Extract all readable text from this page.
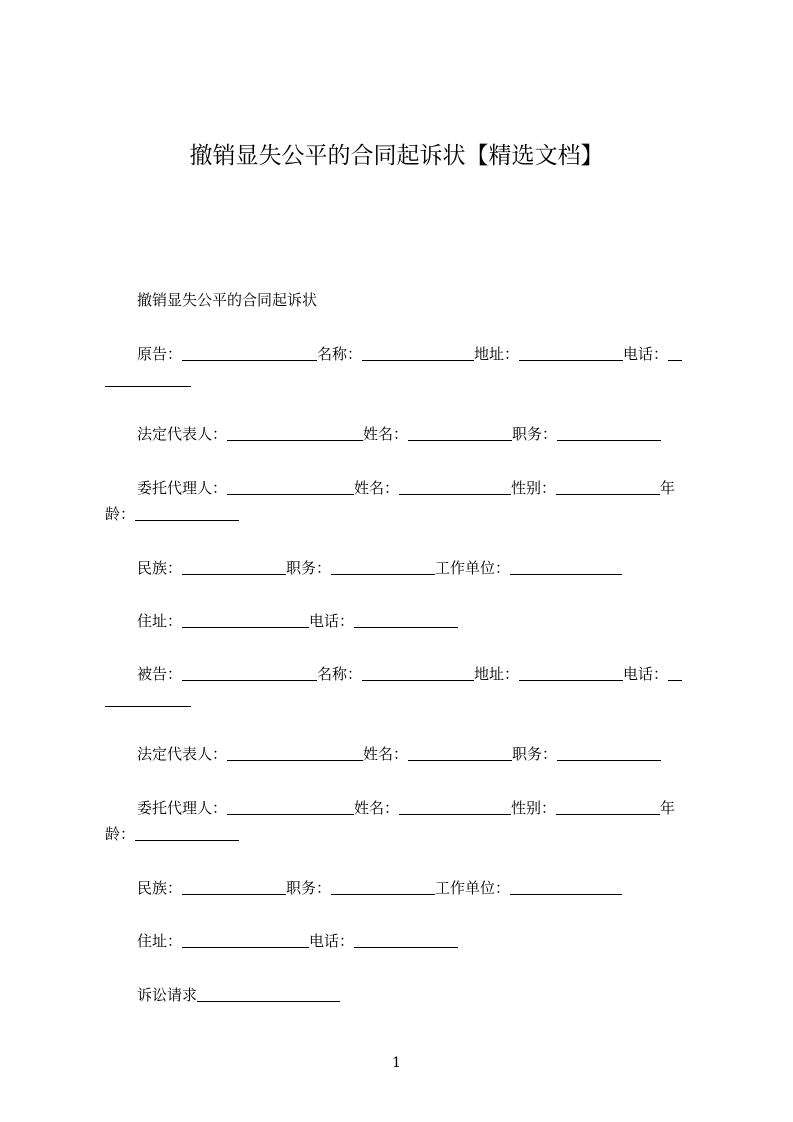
撤销显失公平的合同起诉状【精选文档】
撤销显失公平的合同起诉状
原告：	名称：	地址：	电话：
法定代表人：	姓名：	职务：
委托代理人：	姓名：	性别：	年
龄：
民族：	职务：	工作单位：
住址：	电话：
被告：	名称：	地址：	电话：
法定代表人：	姓名：	职务：
委托代理人：	姓名：	性别：	年
龄：
民族：	职务：	工作单位：
住址：	电话：
诉讼请求
1
